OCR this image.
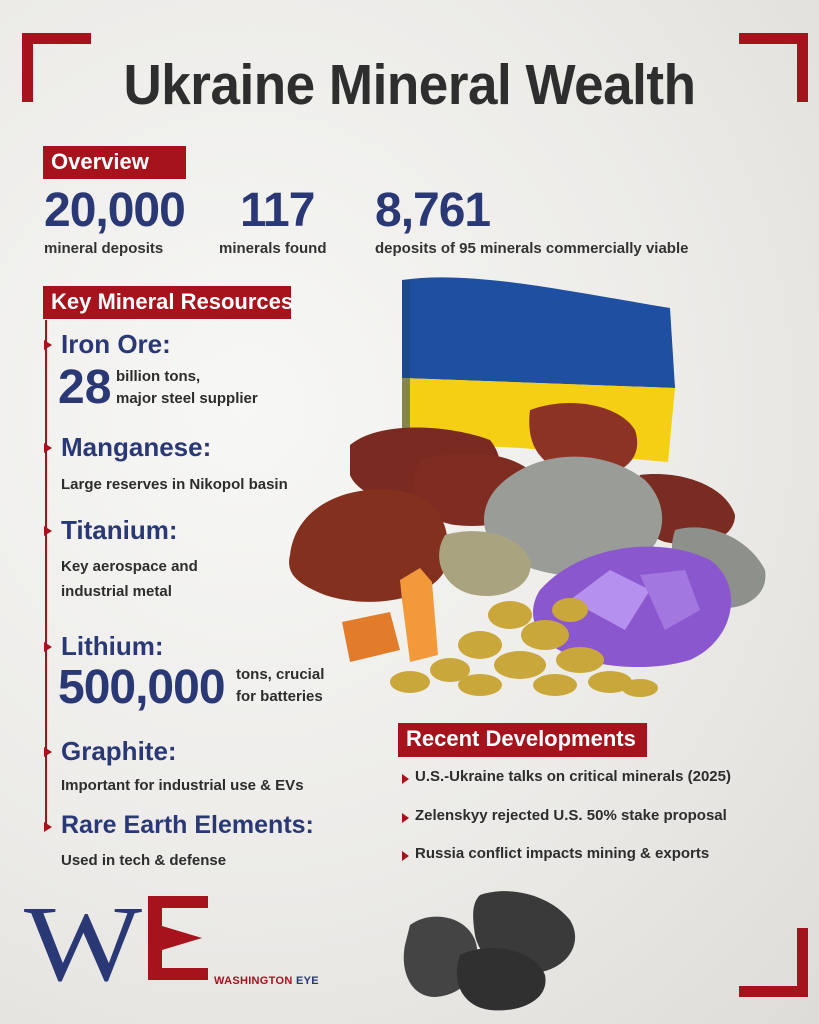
Ukraine Mineral Wealth
Overview
20,000
mineral deposits
117
minerals found
8,761
deposits of 95 minerals commercially viable
Key Mineral Resources
Iron Ore:
28 billion tons,
major steel supplier
Manganese:
Large reserves in Nikopol basin
Titanium:
Key aerospace and
industrial metal
Lithium:
500,000 tons, crucial
for batteries
Graphite:
Important for industrial use & EVs
Rare Earth Elements:
Used in tech & defense
Recent Developments
U.S.-Ukraine talks on critical minerals (2025)
Zelenskyy rejected U.S. 50% stake proposal
Russia conflict impacts mining & exports
W	WASHINGTON EYE
